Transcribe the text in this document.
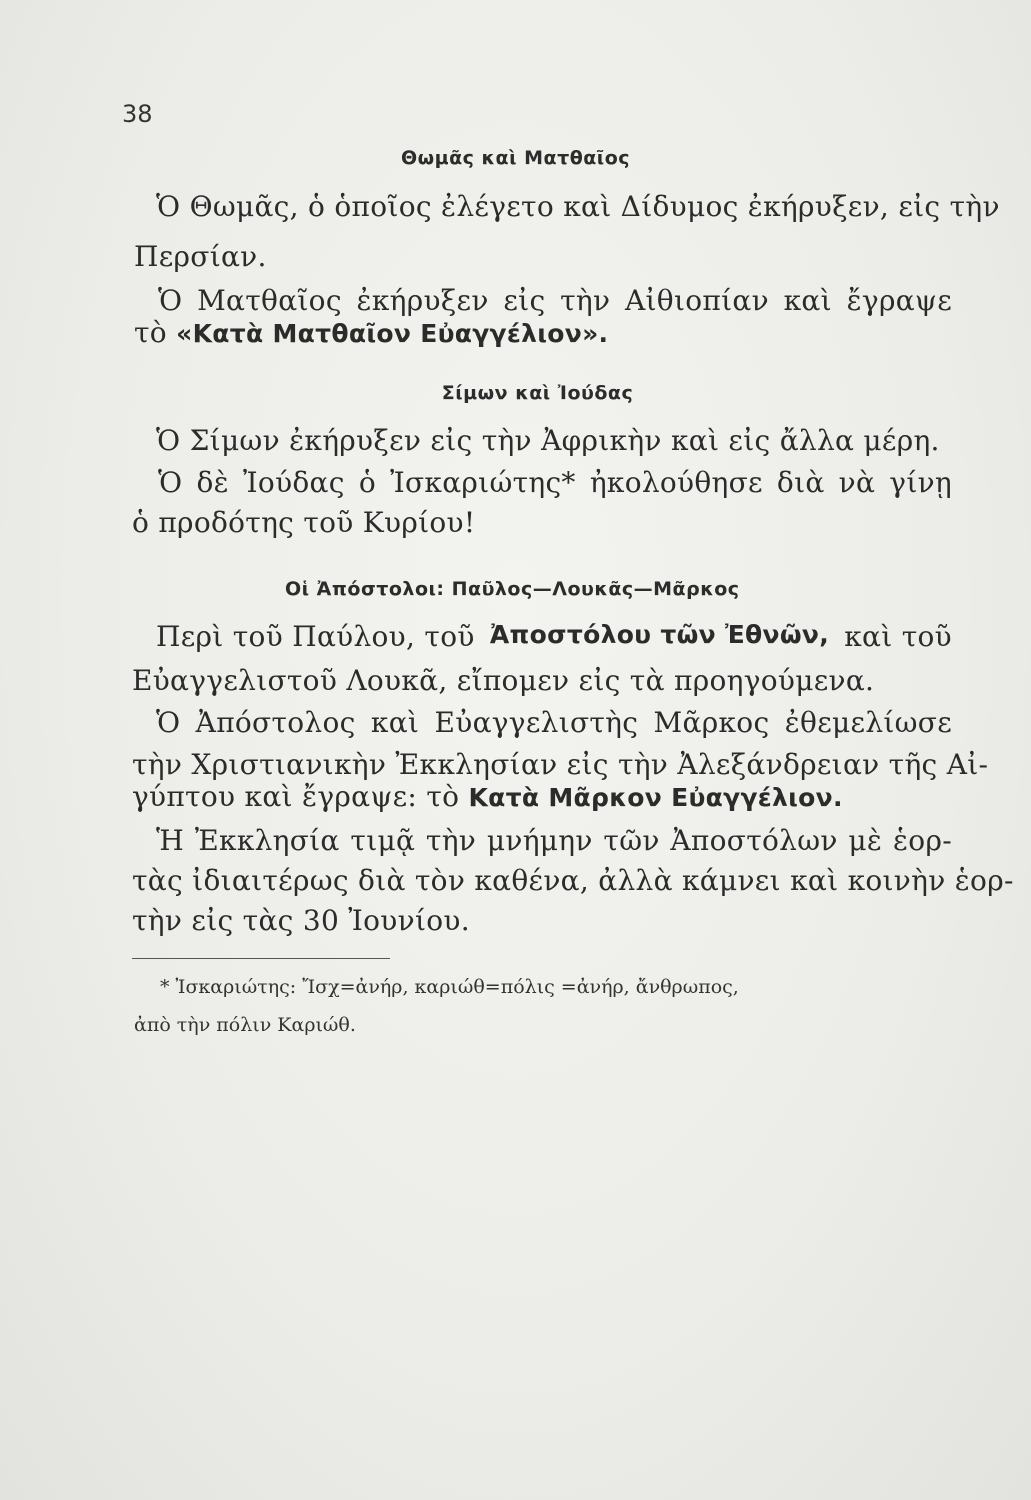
38
Θωμᾶς καὶ Ματθαῖος
Ὁ Θωμᾶς, ὁ ὁποῖος ἐλέγετο καὶ Δίδυμος ἐκήρυξεν, εἰς τὴν
Περσίαν.
Ὁ Ματθαῖος ἐκήρυξεν εἰς τὴν Αἰθιοπίαν καὶ ἔγραψε
τὸ «Κατὰ Ματθαῖον Εὐαγγέλιον».
Σίμων καὶ Ἰούδας
Ὁ Σίμων ἐκήρυξεν εἰς τὴν Ἀφρικὴν καὶ εἰς ἄλλα μέρη.
Ὁ δὲ Ἰούδας ὁ Ἰσκαριώτης* ἠκολούθησε διὰ νὰ γίνῃ
ὁ προδότης τοῦ Κυρίου!
Οἱ Ἀπόστολοι: Παῦλος—Λουκᾶς—Μᾶρκος
Περὶ τοῦ Παύλου, τοῦ Ἀποστόλου τῶν Ἐθνῶν, καὶ τοῦ
Εὐαγγελιστοῦ Λουκᾶ, εἴπομεν εἰς τὰ προηγούμενα.
Ὁ Ἀπόστολος καὶ Εὐαγγελιστὴς Μᾶρκος ἐθεμελίωσε
τὴν Χριστιανικὴν Ἐκκλησίαν εἰς τὴν Ἀλεξάνδρειαν τῆς Αἰ-
γύπτου καὶ ἔγραψε: τὸ Κατὰ Μᾶρκον Εὐαγγέλιον.
Ἡ Ἐκκλησία τιμᾷ τὴν μνήμην τῶν Ἀποστόλων μὲ ἑορ-
τὰς ἰδιαιτέρως διὰ τὸν καθένα, ἀλλὰ κάμνει καὶ κοινὴν ἑορ-
τὴν εἰς τὰς 30 Ἰουνίου.
* Ἰσκαριώτης: Ἴσχ=ἀνήρ, καριώθ=πόλις =ἀνήρ, ἄνθρωπος,
ἀπὸ τὴν πόλιν Καριώθ.
